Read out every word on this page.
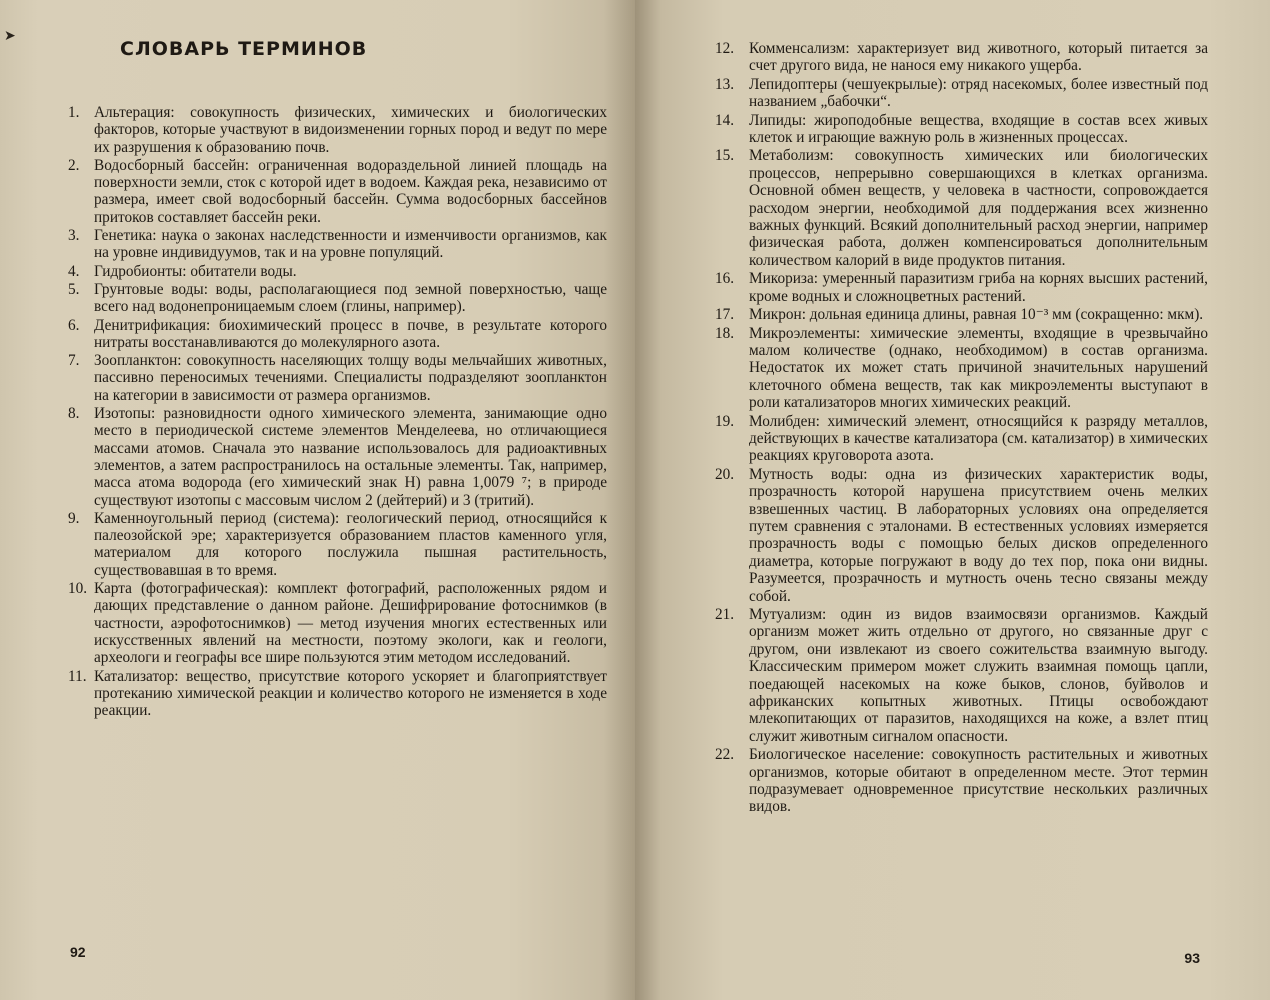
➤
СЛОВАРЬ ТЕРМИНОВ
1. Альтерация: совокупность физических, химических и биологических факторов, которые участвуют в видоизменении горных пород и ведут по мере их разрушения к образованию почв.
2. Водосборный бассейн: ограниченная водораздельной линией площадь на поверхности земли, сток с которой идет в водоем. Каждая река, независимо от размера, имеет свой водосборный бассейн. Сумма водосборных бассейнов притоков составляет бассейн реки.
3. Генетика: наука о законах наследственности и изменчивости организмов, как на уровне индивидуумов, так и на уровне популяций.
4. Гидробионты: обитатели воды.
5. Грунтовые воды: воды, располагающиеся под земной поверхностью, чаще всего над водонепроницаемым слоем (глины, например).
6. Денитрификация: биохимический процесс в почве, в результате которого нитраты восстанавливаются до молекулярного азота.
7. Зоопланктон: совокупность населяющих толщу воды мельчайших животных, пассивно переносимых течениями. Специалисты подразделяют зоопланктон на категории в зависимости от размера организмов.
8. Изотопы: разновидности одного химического элемента, занимающие одно место в периодической системе элементов Менделеева, но отличающиеся массами атомов. Сначала это название использовалось для радиоактивных элементов, а затем распространилось на остальные элементы. Так, например, масса атома водорода (его химический знак Н) равна 1,0079 ⁷; в природе существуют изотопы с массовым числом 2 (дейтерий) и 3 (тритий).
9. Каменноугольный период (система): геологический период, относящийся к палеозойской эре; характеризуется образованием пластов каменного угля, материалом для которого послужила пышная растительность, существовавшая в то время.
10. Карта (фотографическая): комплект фотографий, расположенных рядом и дающих представление о данном районе. Дешифрирование фотоснимков (в частности, аэрофотоснимков) — метод изучения многих естественных или искусственных явлений на местности, поэтому экологи, как и геологи, археологи и географы все шире пользуются этим методом исследований.
11. Катализатор: вещество, присутствие которого ускоряет и благоприятствует протеканию химической реакции и количество которого не изменяется в ходе реакции.
92
12. Комменсализм: характеризует вид животного, который питается за счет другого вида, не нанося ему никакого ущерба.
13. Лепидоптеры (чешуекрылые): отряд насекомых, более известный под названием „бабочки“.
14. Липиды: жироподобные вещества, входящие в состав всех живых клеток и играющие важную роль в жизненных процессах.
15. Метаболизм: совокупность химических или биологических процессов, непрерывно совершающихся в клетках организма. Основной обмен веществ, у человека в частности, сопровождается расходом энергии, необходимой для поддержания всех жизненно важных функций. Всякий дополнительный расход энергии, например физическая работа, должен компенсироваться дополнительным количеством калорий в виде продуктов питания.
16. Микориза: умеренный паразитизм гриба на корнях высших растений, кроме водных и сложноцветных растений.
17. Микрон: дольная единица длины, равная 10⁻³ мм (сокращенно: мкм).
18. Микроэлементы: химические элементы, входящие в чрезвычайно малом количестве (однако, необходимом) в состав организма. Недостаток их может стать причиной значительных нарушений клеточного обмена веществ, так как микроэлементы выступают в роли катализаторов многих химических реакций.
19. Молибден: химический элемент, относящийся к разряду металлов, действующих в качестве катализатора (см. катализатор) в химических реакциях круговорота азота.
20. Мутность воды: одна из физических характеристик воды, прозрачность которой нарушена присутствием очень мелких взвешенных частиц. В лабораторных условиях она определяется путем сравнения с эталонами. В естественных условиях измеряется прозрачность воды с помощью белых дисков определенного диаметра, которые погружают в воду до тех пор, пока они видны. Разумеется, прозрачность и мутность очень тесно связаны между собой.
21. Мутуализм: один из видов взаимосвязи организмов. Каждый организм может жить отдельно от другого, но связанные друг с другом, они извлекают из своего сожительства взаимную выгоду. Классическим примером может служить взаимная помощь цапли, поедающей насекомых на коже быков, слонов, буйволов и африканских копытных животных. Птицы освобождают млекопитающих от паразитов, находящихся на коже, а взлет птиц служит животным сигналом опасности.
22. Биологическое население: совокупность растительных и животных организмов, которые обитают в определенном месте. Этот термин подразумевает одновременное присутствие нескольких различных видов.
93
